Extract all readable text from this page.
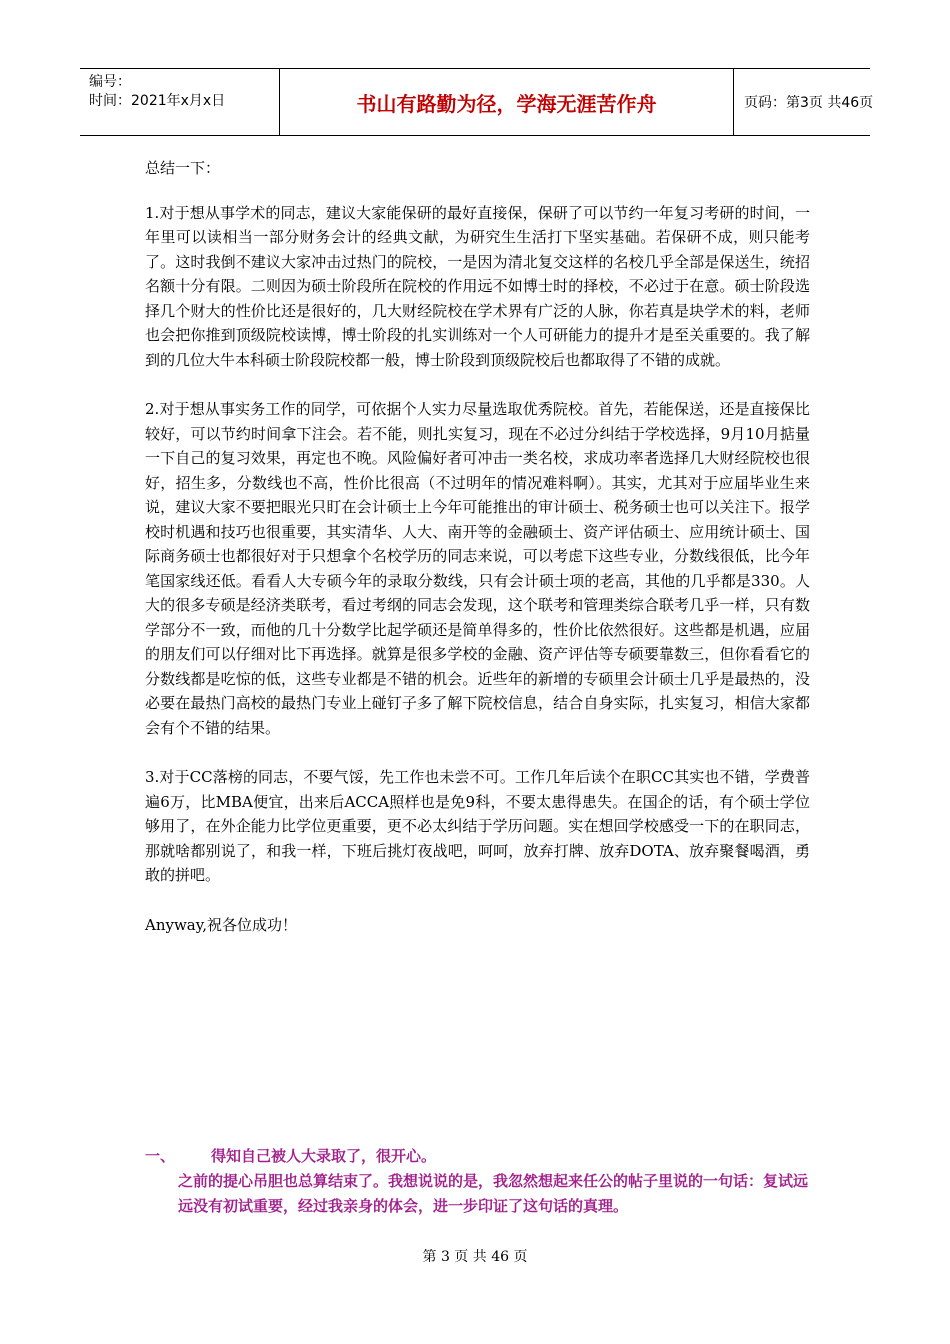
编号：
时间：2021年x月x日	书山有路勤为径，学海无涯苦作舟	页码：第3页 共46页

总结一下：

1.对于想从事学术的同志，建议大家能保研的最好直接保，保研了可以节约一年复习考研的时间，一年里可以读相当一部分财务会计的经典文献，为研究生生活打下坚实基础。若保研不成，则只能考了。这时我倒不建议大家冲击过热门的院校，一是因为清北复交这样的名校几乎全部是保送生，统招名额十分有限。二则因为硕士阶段所在院校的作用远不如博士时的择校，不必过于在意。硕士阶段选择几个财大的性价比还是很好的，几大财经院校在学术界有广泛的人脉，你若真是块学术的料，老师也会把你推到顶级院校读博，博士阶段的扎实训练对一个人可研能力的提升才是至关重要的。我了解到的几位大牛本科硕士阶段院校都一般，博士阶段到顶级院校后也都取得了不错的成就。

2.对于想从事实务工作的同学，可依据个人实力尽量选取优秀院校。首先，若能保送，还是直接保比较好，可以节约时间拿下注会。若不能，则扎实复习，现在不必过分纠结于学校选择，9月10月掂量一下自己的复习效果，再定也不晚。风险偏好者可冲击一类名校，求成功率者选择几大财经院校也很好，招生多，分数线也不高，性价比很高（不过明年的情况难料啊）。其实，尤其对于应届毕业生来说，建议大家不要把眼光只盯在会计硕士上今年可能推出的审计硕士、税务硕士也可以关注下。报学校时机遇和技巧也很重要，其实清华、人大、南开等的金融硕士、资产评估硕士、应用统计硕士、国际商务硕士也都很好对于只想拿个名校学历的同志来说，可以考虑下这些专业，分数线很低，比今年笔国家线还低。看看人大专硕今年的录取分数线，只有会计硕士项的老高，其他的几乎都是330。人大的很多专硕是经济类联考，看过考纲的同志会发现，这个联考和管理类综合联考几乎一样，只有数学部分不一致，而他的几十分数学比起学硕还是简单得多的，性价比依然很好。这些都是机遇，应届的朋友们可以仔细对比下再选择。就算是很多学校的金融、资产评估等专硕要靠数三，但你看看它的分数线都是吃惊的低，这些专业都是不错的机会。近些年的新增的专硕里会计硕士几乎是最热的，没必要在最热门高校的最热门专业上碰钉子多了解下院校信息，结合自身实际，扎实复习，相信大家都会有个不错的结果。

3.对于CC落榜的同志，不要气馁，先工作也未尝不可。工作几年后读个在职CC其实也不错，学费普遍6万，比MBA便宜，出来后ACCA照样也是免9科，不要太患得患失。在国企的话，有个硕士学位够用了，在外企能力比学位更重要，更不必太纠结于学历问题。实在想回学校感受一下的在职同志，那就啥都别说了，和我一样，下班后挑灯夜战吧，呵呵，放弃打牌、放弃DOTA、放弃聚餐喝酒，勇敢的拼吧。

Anyway,祝各位成功！

一、	得知自己被人大录取了，很开心。
之前的提心吊胆也总算结束了。我想说说的是，我忽然想起来任公的帖子里说的一句话：复试远远没有初试重要，经过我亲身的体会，进一步印证了这句话的真理。
第 3 页 共 46 页
